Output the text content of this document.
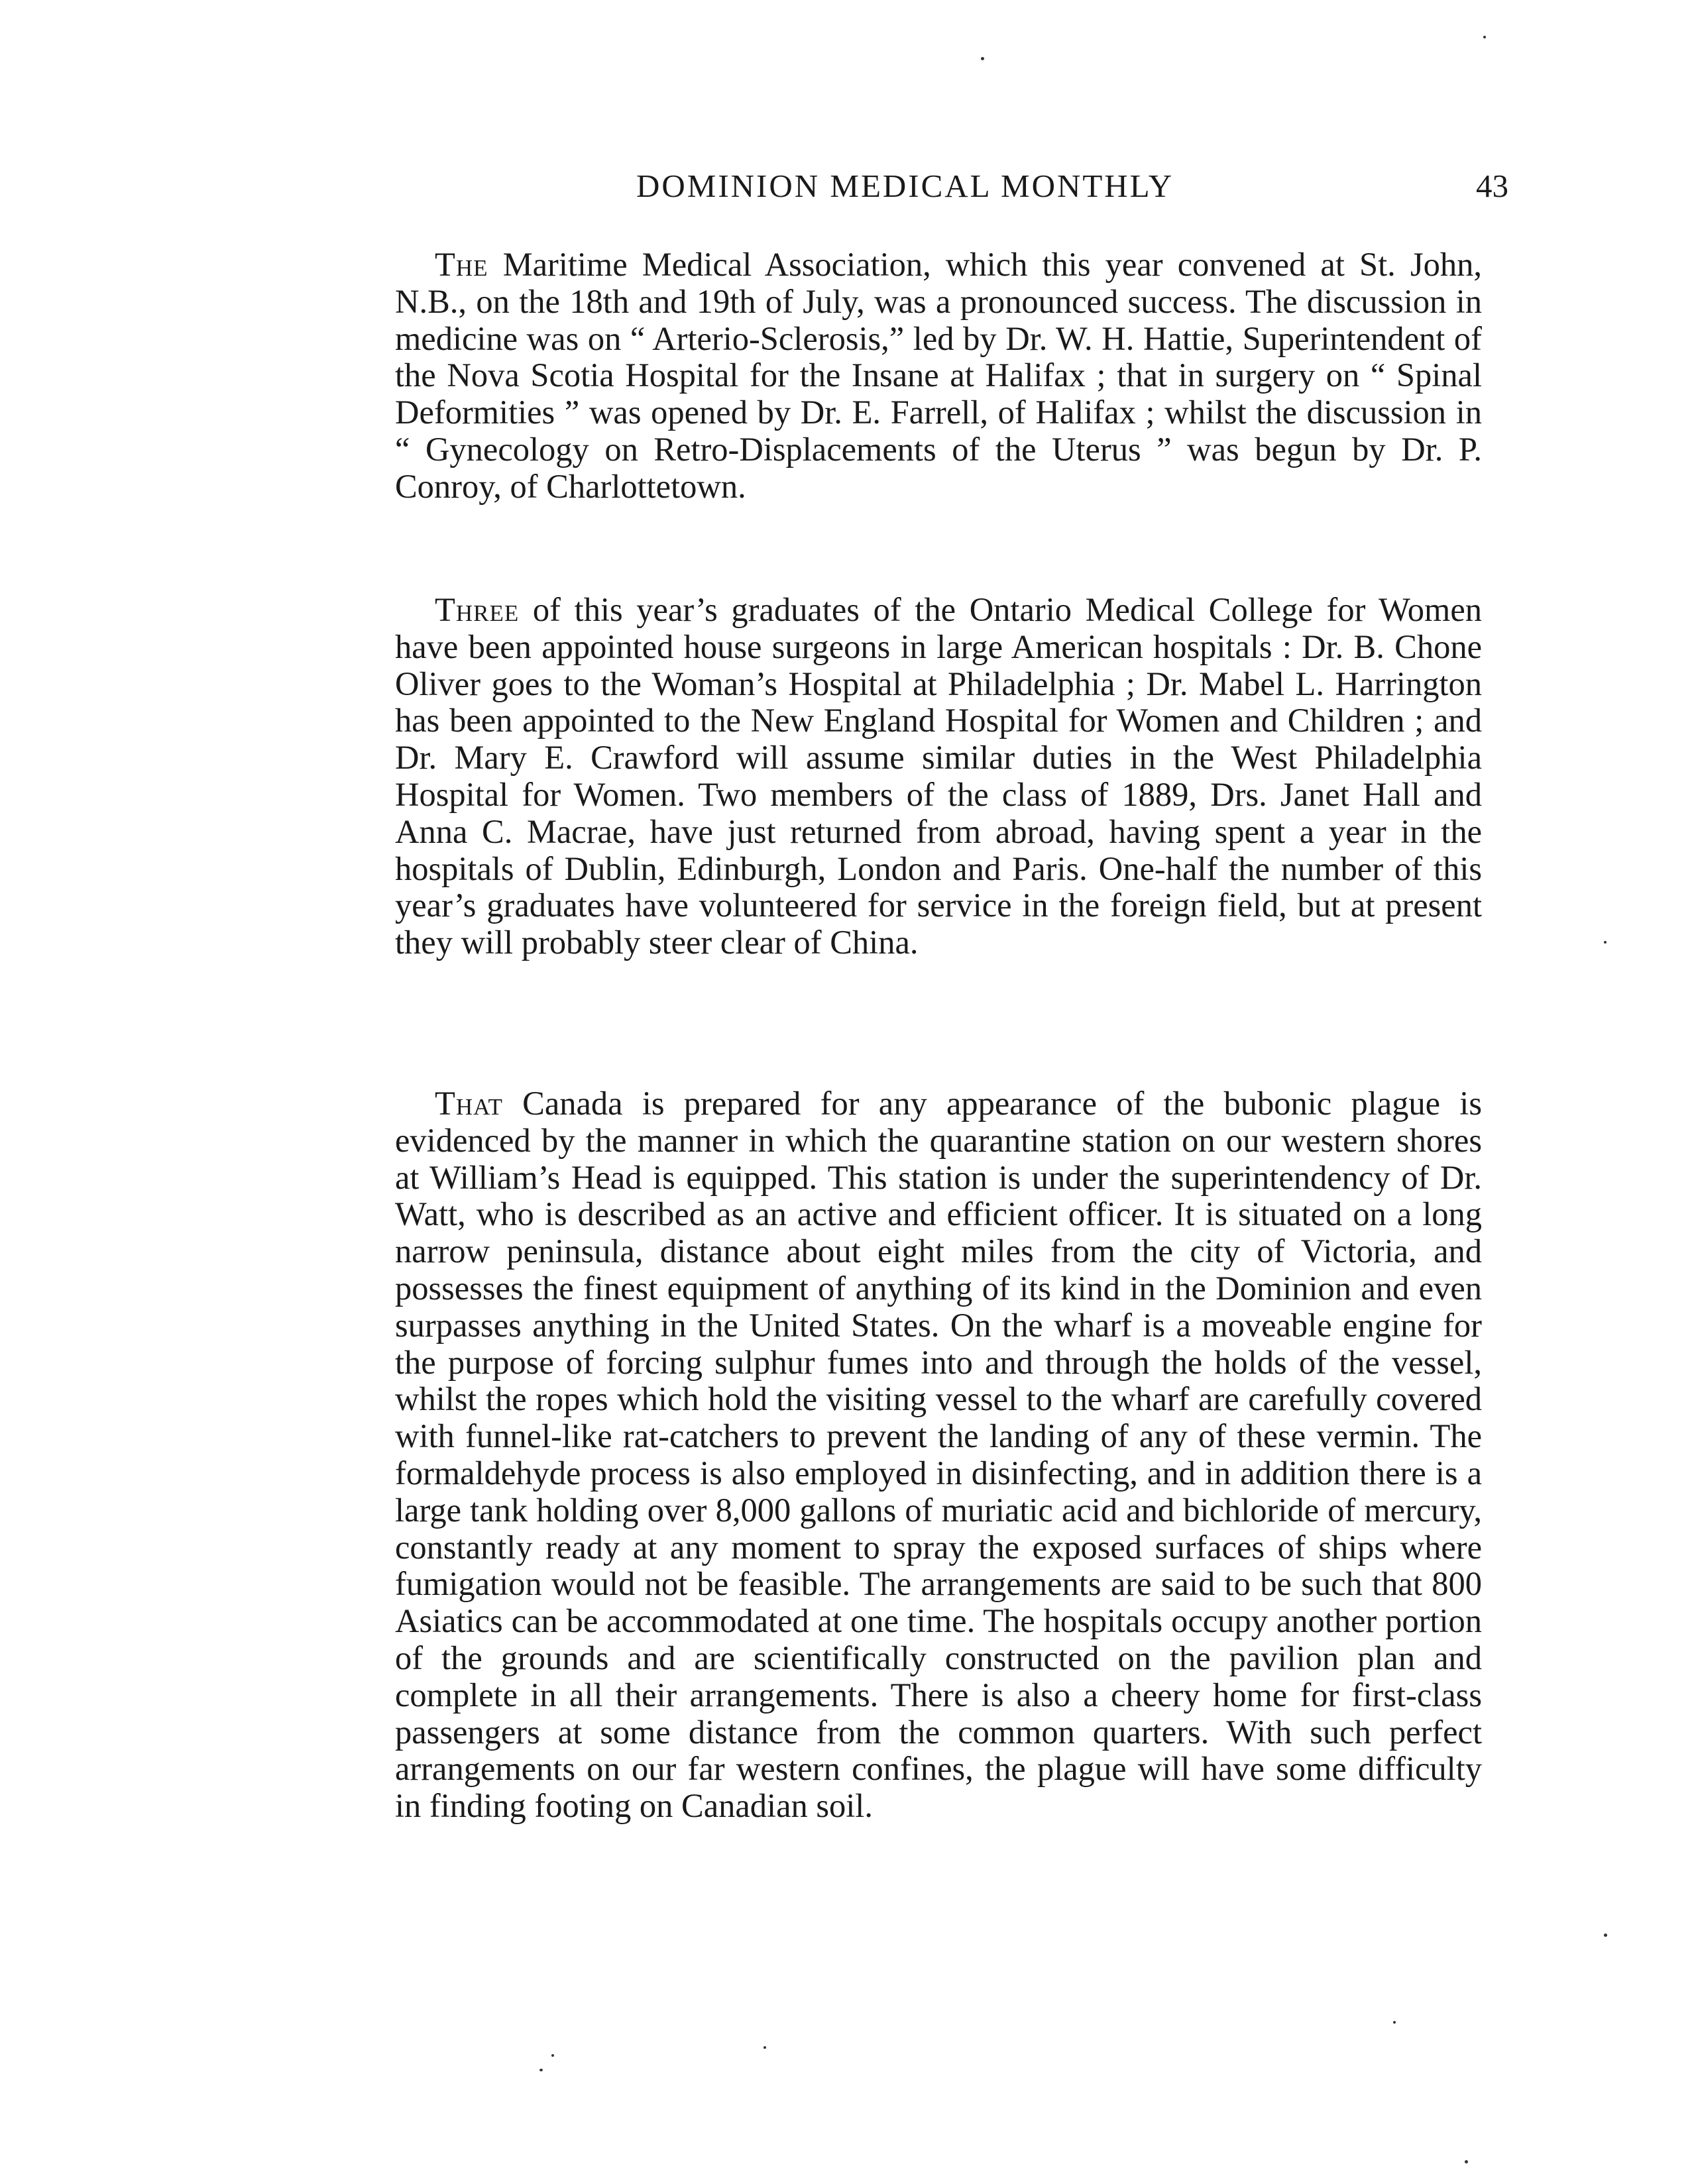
DOMINION MEDICAL MONTHLY	43
The Maritime Medical Association, which this year convened at St. John, N.B., on the 18th and 19th of July, was a pronounced success. The discussion in medicine was on “ Arterio-Sclerosis,” led by Dr. W. H. Hattie, Superintendent of the Nova Scotia Hospital for the Insane at Halifax ; that in surgery on “ Spinal Deformities ” was opened by Dr. E. Farrell, of Halifax ; whilst the discussion in “ Gynecology on Retro-Displacements of the Uterus ” was begun by Dr. P. Conroy, of Charlottetown.
Three of this year’s graduates of the Ontario Medical College for Women have been appointed house surgeons in large American hospitals : Dr. B. Chone Oliver goes to the Woman’s Hospital at Philadelphia ; Dr. Mabel L. Harrington has been appointed to the New England Hospital for Women and Children ; and Dr. Mary E. Crawford will assume similar duties in the West Philadelphia Hospital for Women. Two members of the class of 1889, Drs. Janet Hall and Anna C. Macrae, have just returned from abroad, having spent a year in the hospitals of Dublin, Edinburgh, London and Paris. One-half the number of this year’s graduates have volunteered for service in the foreign field, but at present they will probably steer clear of China.
That Canada is prepared for any appearance of the bubonic plague is evidenced by the manner in which the quarantine station on our western shores at William’s Head is equipped. This station is under the superintendency of Dr. Watt, who is described as an active and efficient officer. It is situated on a long narrow peninsula, distance about eight miles from the city of Victoria, and possesses the finest equipment of anything of its kind in the Dominion and even surpasses anything in the United States. On the wharf is a moveable engine for the purpose of forcing sulphur fumes into and through the holds of the vessel, whilst the ropes which hold the visiting vessel to the wharf are carefully covered with funnel-like rat-catchers to prevent the landing of any of these vermin. The formaldehyde process is also employed in disinfecting, and in addition there is a large tank holding over 8,000 gallons of muriatic acid and bichloride of mercury, constantly ready at any moment to spray the exposed surfaces of ships where fumigation would not be feasible. The arrangements are said to be such that 800 Asiatics can be accommodated at one time. The hospitals occupy another portion of the grounds and are scientifically constructed on the pavilion plan and complete in all their arrangements. There is also a cheery home for first-class passengers at some distance from the common quarters. With such perfect arrangements on our far western confines, the plague will have some difficulty in finding footing on Canadian soil.
